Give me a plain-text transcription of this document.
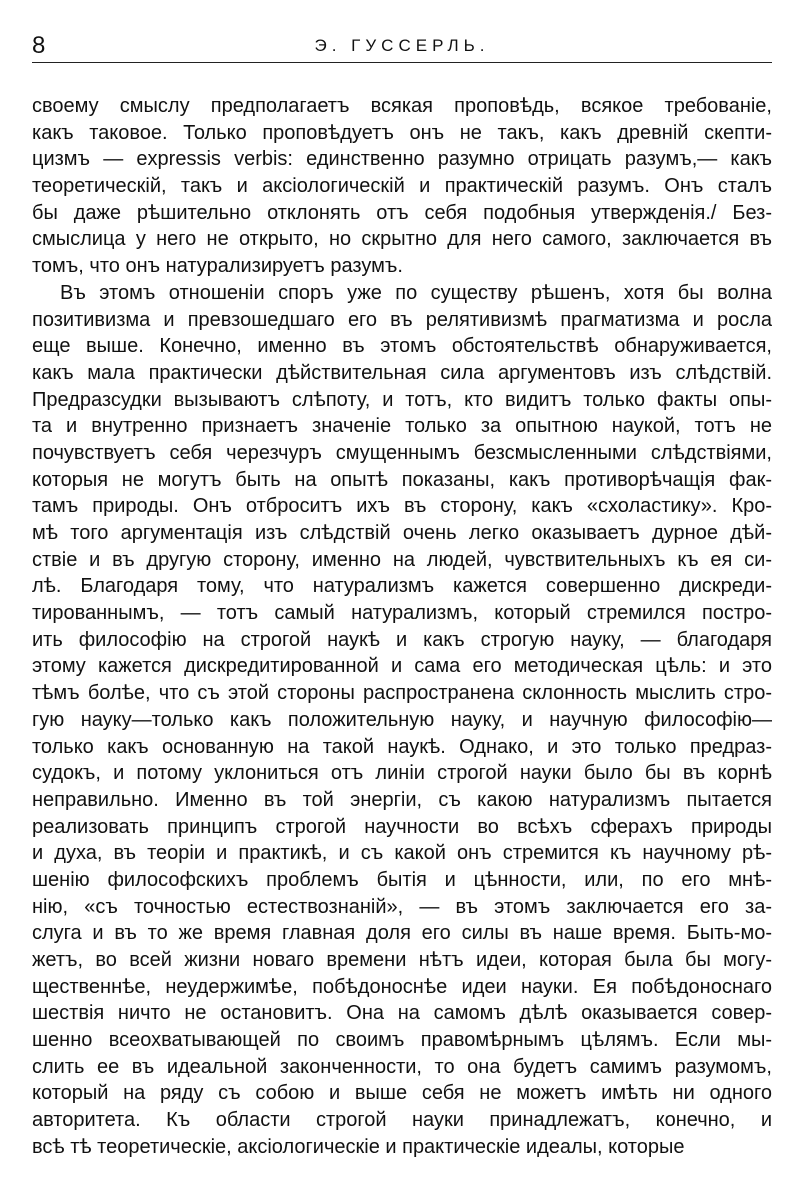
8	Э. ГУССЕРЛЬ.
своему смыслу предполагаетъ всякая проповѣдь, всякое требованіе,
какъ таковое. Только проповѣдуетъ онъ не такъ, какъ древній скепти-
цизмъ — expressis verbis: единственно разумно отрицать разумъ,— какъ
теоретическій, такъ и аксіологическій и практическій разумъ. Онъ сталъ
бы даже рѣшительно отклонять отъ себя подобныя утвержденія./ Без-
смыслица у него не открыто, но скрытно для него самого, заключается въ
томъ, что онъ натурализируетъ разумъ.
Въ этомъ отношеніи споръ уже по существу рѣшенъ, хотя бы волна
позитивизма и превзошедшаго его въ релятивизмѣ прагматизма и росла
еще выше. Конечно, именно въ этомъ обстоятельствѣ обнаруживается,
какъ мала практически дѣйствительная сила аргументовъ изъ слѣдствій.
Предразсудки вызываютъ слѣпоту, и тотъ, кто видитъ только факты опы-
та и внутренно признаетъ значеніе только за опытною наукой, тотъ не
почувствуетъ себя черезчуръ смущеннымъ безсмысленными слѣдствіями,
которыя не могутъ быть на опытѣ показаны, какъ противорѣчащія фак-
тамъ природы. Онъ отброситъ ихъ въ сторону, какъ «схоластику». Кро-
мѣ того аргументація изъ слѣдствій очень легко оказываетъ дурное дѣй-
ствіе и въ другую сторону, именно на людей, чувствительныхъ къ ея си-
лѣ. Благодаря тому, что натурализмъ кажется совершенно дискреди-
тированнымъ, — тотъ самый натурализмъ, который стремился постро-
ить философію на строгой наукѣ и какъ строгую науку, — благодаря
этому кажется дискредитированной и сама его методическая цѣль: и это
тѣмъ болѣе, что съ этой стороны распространена склонность мыслить стро-
гую науку—только какъ положительную науку, и научную философію—
только какъ основанную на такой наукѣ. Однако, и это только предраз-
судокъ, и потому уклониться отъ линіи строгой науки было бы въ корнѣ
неправильно. Именно въ той энергіи, съ какою натурализмъ пытается
реализовать принципъ строгой научности во всѣхъ сферахъ природы
и духа, въ теоріи и практикѣ, и съ какой онъ стремится къ научному рѣ-
шенію философскихъ проблемъ бытія и цѣнности, или, по его мнѣ-
нію, «съ точностью естествознаній», — въ этомъ заключается его за-
слуга и въ то же время главная доля его силы въ наше время. Быть-мо-
жетъ, во всей жизни новаго времени нѣтъ идеи, которая была бы могу-
щественнѣе, неудержимѣе, побѣдоноснѣе идеи науки. Ея побѣдоноснаго
шествія ничто не остановитъ. Она на самомъ дѣлѣ оказывается совер-
шенно всеохватывающей по своимъ правомѣрнымъ цѣлямъ. Если мы-
слить ее въ идеальной законченности, то она будетъ самимъ разумомъ,
который на ряду съ собою и выше себя не можетъ имѣть ни одного
авторитета. Къ области строгой науки принадлежатъ, конечно, и
всѣ тѣ теоретическіе, аксіологическіе и практическіе идеалы, которые
